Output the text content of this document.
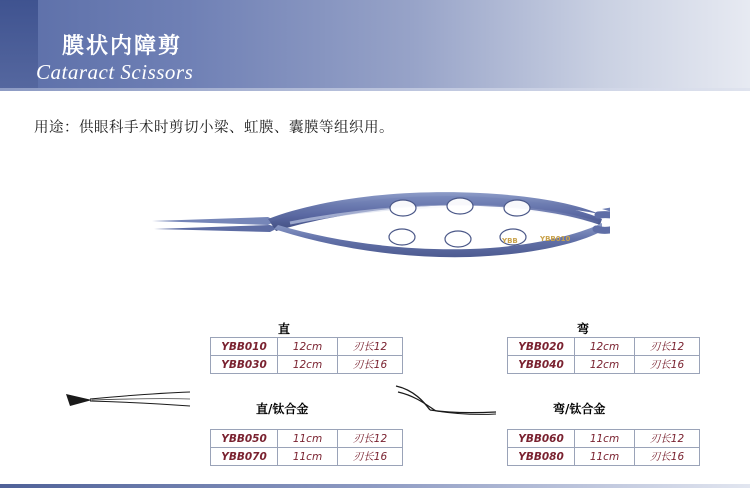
膜状内障剪
Cataract Scissors
用途：供眼科手术时剪切小梁、虹膜、囊膜等组织用。
YBB	YBB010
直	弯
直/钛合金	弯/钛合金
YBB010	12cm	刃长12
YBB030	12cm	刃长16
YBB020	12cm	刃长12
YBB040	12cm	刃长16
YBB050	11cm	刃长12
YBB070	11cm	刃长16
YBB060	11cm	刃长12
YBB080	11cm	刃长16
